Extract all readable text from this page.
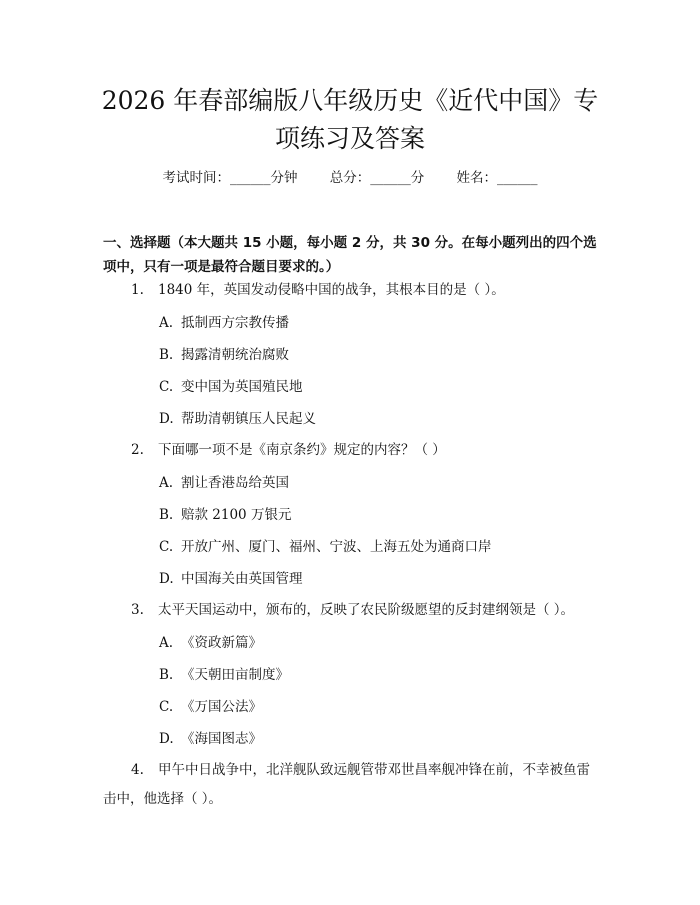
2026 年春部编版八年级历史《近代中国》专
项练习及答案
考试时间：______分钟 总分：______分 姓名：______
一、选择题（本大题共 15 小题，每小题 2 分，共 30 分。在每小题列出的四个选
项中，只有一项是最符合题目要求的。）
1. 1840 年，英国发动侵略中国的战争，其根本目的是（ ）。
A. 抵制西方宗教传播
B. 揭露清朝统治腐败
C. 变中国为英国殖民地
D. 帮助清朝镇压人民起义
2. 下面哪一项不是《南京条约》规定的内容？（ ）
A. 割让香港岛给英国
B. 赔款 2100 万银元
C. 开放广州、厦门、福州、宁波、上海五处为通商口岸
D. 中国海关由英国管理
3. 太平天国运动中，颁布的，反映了农民阶级愿望的反封建纲领是（ ）。
A. 《资政新篇》
B. 《天朝田亩制度》
C. 《万国公法》
D. 《海国图志》
4. 甲午中日战争中，北洋舰队致远舰管带邓世昌率舰冲锋在前，不幸被鱼雷
击中，他选择（ ）。
